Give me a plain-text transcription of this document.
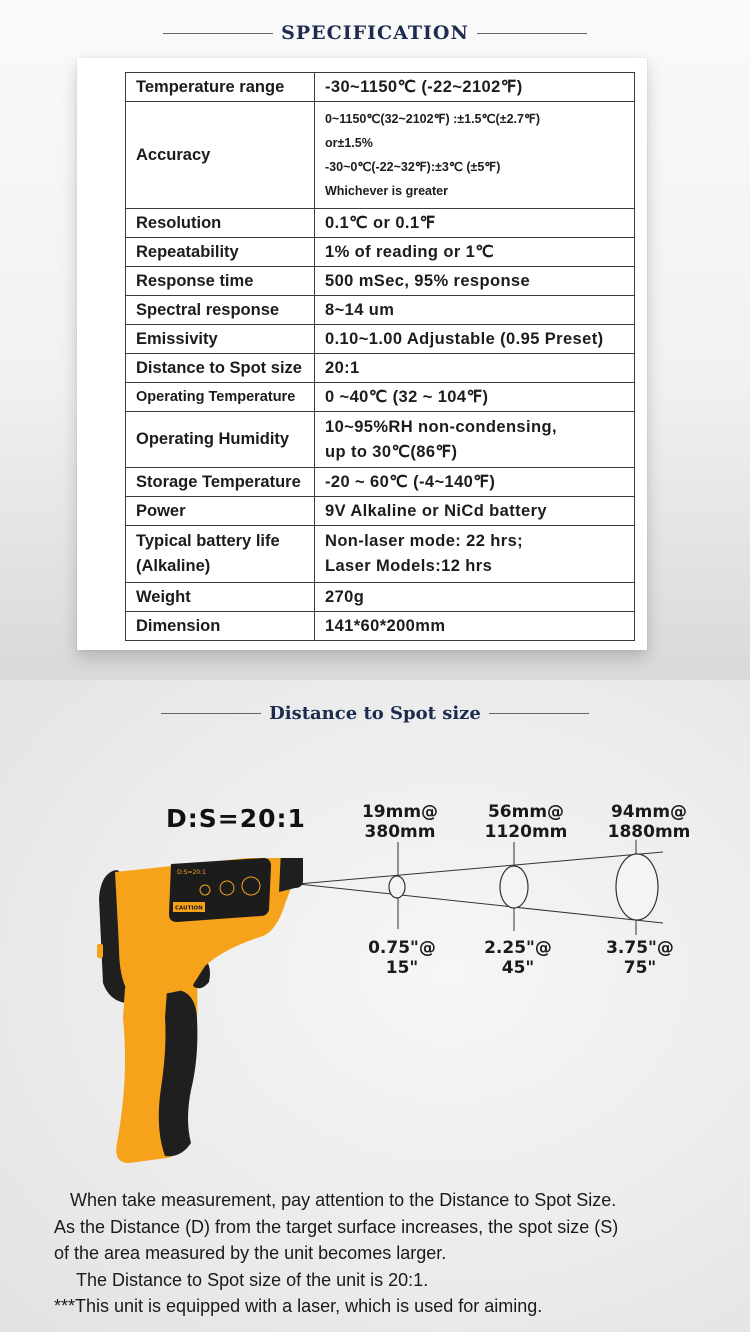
SPECIFICATION
Temperature range	-30~1150℃ (-22~2102℉)

Accuracy	0~1150℃(32~2102℉) :±1.5℃(±2.7℉)
or±1.5%
-30~0℃(-22~32℉):±3℃ (±5℉)
Whichever is greater

Resolution	0.1℃ or 0.1℉

Repeatability	1% of reading or 1℃

Response time	500 mSec, 95% response

Spectral response	8~14 um

Emissivity	0.10~1.00 Adjustable (0.95 Preset)

Distance to Spot size	20:1

Operating Temperature	0 ~40℃ (32 ~ 104℉)

Operating Humidity	10~95%RH non-condensing,
up to 30℃(86℉)

Storage Temperature	-20 ~ 60℃ (-4~140℉)

Power	9V Alkaline or NiCd battery

Typical battery life
(Alkaline)	Non-laser mode: 22 hrs;
Laser Models:12 hrs

Weight	270g

Dimension	141*60*200mm
Distance to Spot size
D:S=20:1	19mm@
380mm
56mm@
1120mm
94mm@
1880mm
0.75"@
15"
2.25"@
45"
3.75"@
75"
D:S=20:1
CAUTION
When take measurement, pay attention to the Distance to Spot Size.
As the Distance (D) from the target surface increases, the spot size (S)
of the area measured by the unit becomes larger.
The Distance to Spot size of the unit is 20:1.
***This unit is equipped with a laser, which is used for aiming.
